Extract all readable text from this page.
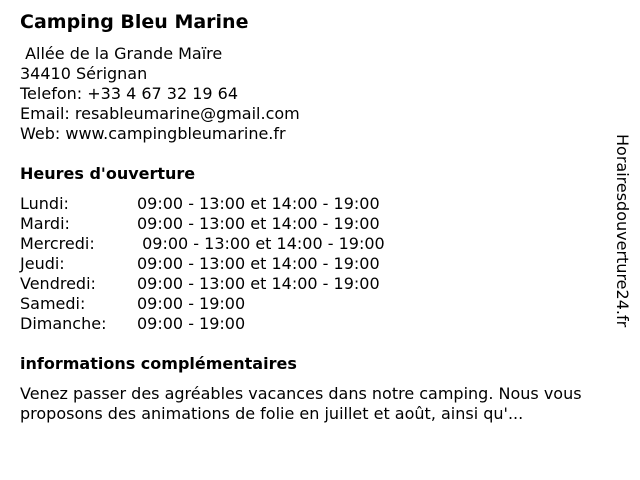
Camping Bleu Marine
Allée de la Grande Maïre
34410 Sérignan
Telefon: +33 4 67 32 19 64
Email: resableumarine@gmail.com
Web: www.campingbleumarine.fr
Heures d'ouverture
Lundi:	09:00 - 13:00 et 14:00 - 19:00
Mardi:	09:00 - 13:00 et 14:00 - 19:00
Mercredi:	09:00 - 13:00 et 14:00 - 19:00
Jeudi:	09:00 - 13:00 et 14:00 - 19:00
Vendredi:	09:00 - 13:00 et 14:00 - 19:00
Samedi:	09:00 - 19:00
Dimanche:	09:00 - 19:00
informations complémentaires
Venez passer des agréables vacances dans notre camping. Nous vous proposons des animations de folie en juillet et août, ainsi qu'...
Horairesdouverture24.fr
